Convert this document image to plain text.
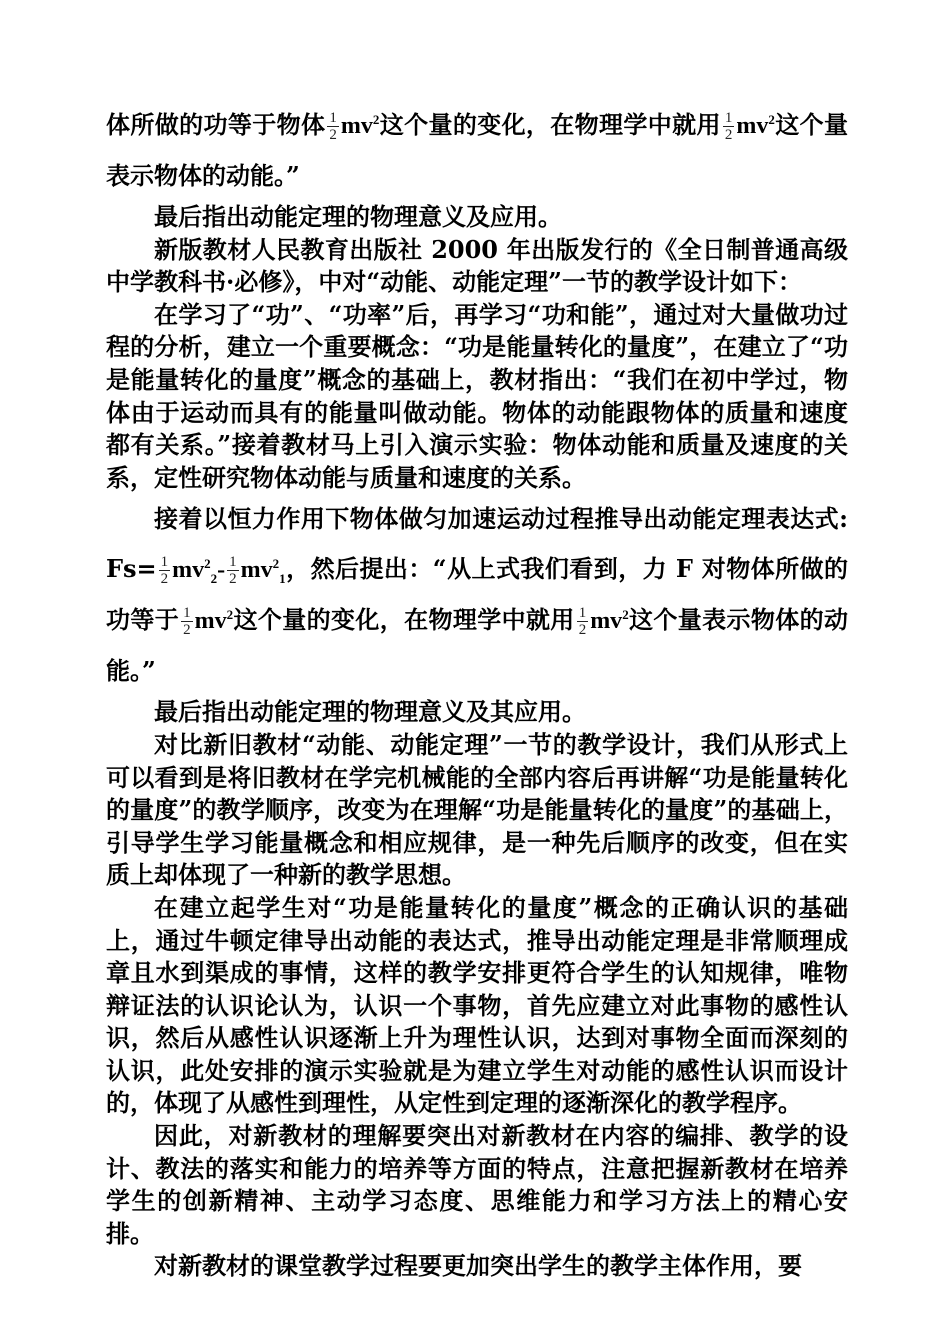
体所做的功等于物体 $\frac{1}{2} mv^2$这个量的变化，在物理学中就用 $\frac{1}{2} mv^2$这个量表示物体的动能。”

最后指出动能定理的物理意义及应用。

新版教材人民教育出版社 2000 年出版发行的《全日制普通高级中学教科书·必修》，中对“动能、动能定理”一节的教学设计如下：

在学习了“功”、“功率”后，再学习“功和能”，通过对大量做功过程的分析，建立一个重要概念：“功是能量转化的量度”，在建立了“功是能量转化的量度”概念的基础上，教材指出：“我们在初中学过，物体由于运动而具有的能量叫做动能。物体的动能跟物体的质量和速度都有关系。”接着教材马上引入演示实验：物体动能和质量及速度的关系，定性研究物体动能与质量和速度的关系。

接着以恒力作用下物体做匀加速运动过程推导出动能定理表达式: $Fs= \frac{1}{2} mv^2_2- \frac{1}{2} mv^2_1$，然后提出：“从上式我们看到，力 F 对物体所做的功等于 $\frac{1}{2} mv^2$这个量的变化，在物理学中就用 $\frac{1}{2} mv^2$这个量表示物体的动能。”

最后指出动能定理的物理意义及其应用。

对比新旧教材“动能、动能定理”一节的教学设计，我们从形式上可以看到是将旧教材在学完机械能的全部内容后再讲解“功是能量转化的量度”的教学顺序，改变为在理解“功是能量转化的量度”的基础上，引导学生学习能量概念和相应规律，是一种先后顺序的改变，但在实质上却体现了一种新的教学思想。

在建立起学生对“功是能量转化的量度”概念的正确认识的基础上，通过牛顿定律导出动能的表达式，推导出动能定理是非常顺理成章且水到渠成的事情，这样的教学安排更符合学生的认知规律，唯物辩证法的认识论认为，认识一个事物，首先应建立对此事物的感性认识，然后从感性认识逐渐上升为理性认识，达到对事物全面而深刻的认识，此处安排的演示实验就是为建立学生对动能的感性认识而设计的，体现了从感性到理性，从定性到定理的逐渐深化的教学程序。

因此，对新教材的理解要突出对新教材在内容的编排、教学的设计、教法的落实和能力的培养等方面的特点，注意把握新教材在培养学生的创新精神、主动学习态度、思维能力和学习方法上的精心安排。

对新教材的课堂教学过程要更加突出学生的教学主体作用，要
